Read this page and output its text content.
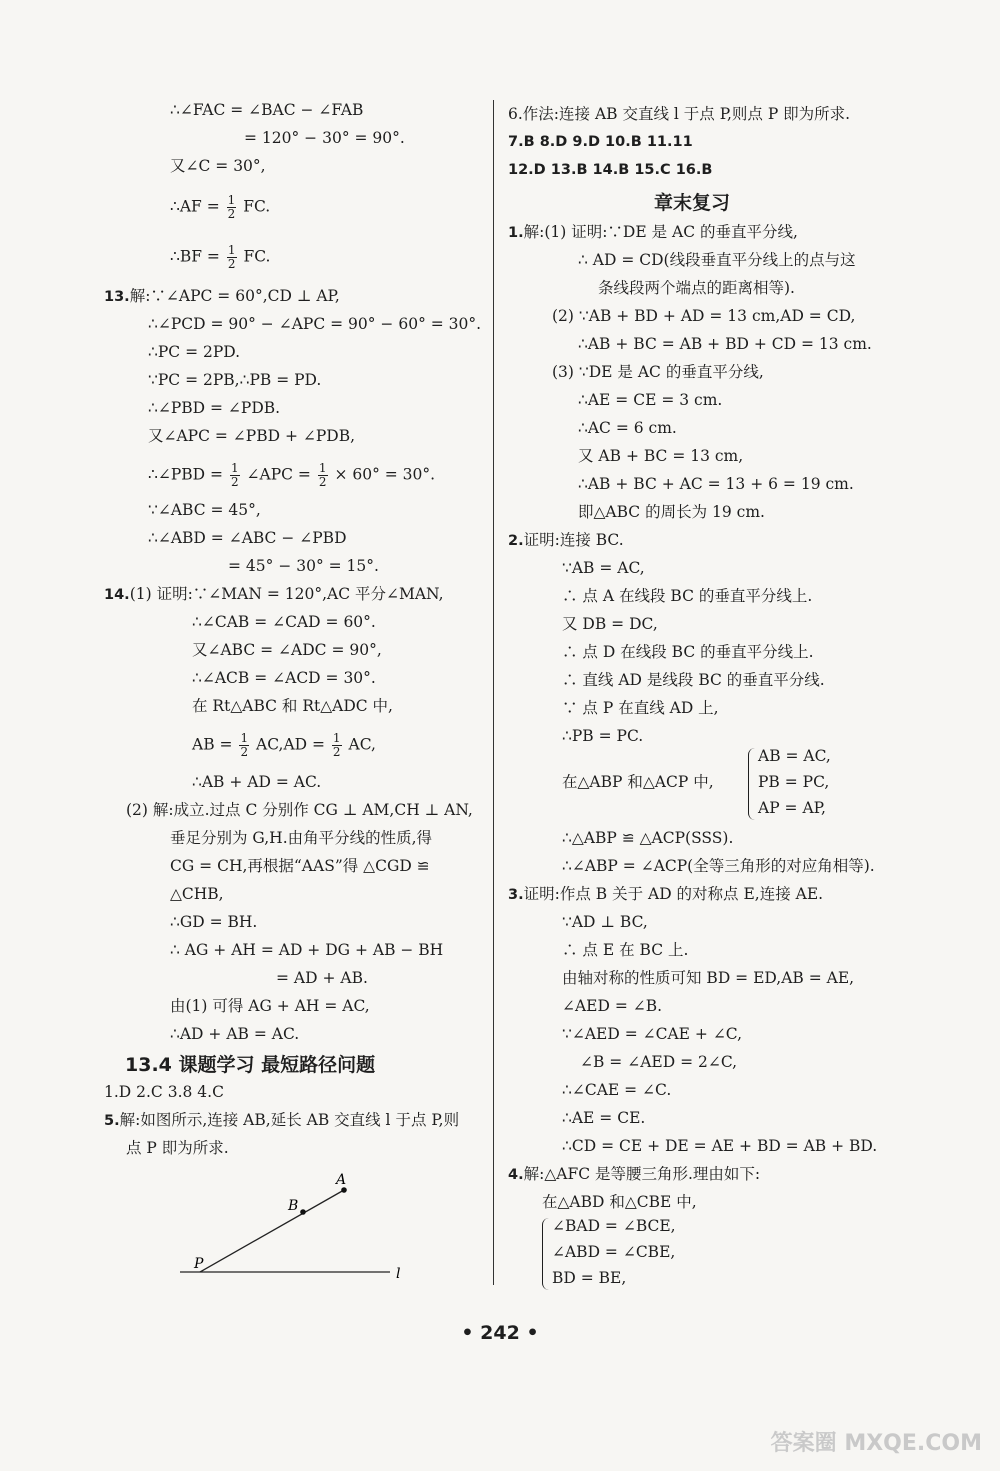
∴∠FAC = ∠BAC − ∠FAB
= 120° − 30° = 90°.
又∠C = 30°,
∴AF = $\frac{1}{2}$ FC.
∴BF = $\frac{1}{2}$ FC.
13.解:∵∠APC = 60°,CD ⊥ AP,
∴∠PCD = 90° − ∠APC = 90° − 60° = 30°.
∴PC = 2PD.
∵PC = 2PB,∴PB = PD.
∴∠PBD = ∠PDB.
又∠APC = ∠PBD + ∠PDB,
∴∠PBD = $\frac{1}{2}$ ∠APC = $\frac{1}{2} \times 60^\circ = 30^\circ$.
∵∠ABC = 45°,
∴∠ABD = ∠ABC − ∠PBD
= 45° − 30° = 15°.
14.(1) 证明:∵∠MAN = 120°,AC 平分∠MAN,
∴∠CAB = ∠CAD = 60°.
又∠ABC = ∠ADC = 90°,
∴∠ACB = ∠ACD = 30°.
在 Rt△ABC 和 Rt△ADC 中,
AB = $\frac{1}{2} AC,AD = \frac{1}{2}$ AC,
∴AB + AD = AC.
(2) 解:成立.过点 C 分别作 CG ⊥ AM,CH ⊥ AN,
垂足分别为 G,H.由角平分线的性质,得
CG = CH,再根据“AAS”得 △CGD ≌
△CHB,
∴GD = BH.
∴ AG + AH = AD + DG + AB − BH
= AD + AB.
由(1) 可得 AG + AH = AC,
∴AD + AB = AC.
13.4 课题学习 最短路径问题
1.D 2.C 3.8 4.C
5.解:如图所示,连接 AB,延长 AB 交直线 l 于点 P,则
点 P 即为所求.
A
B
P
l
6.作法:连接 AB 交直线 l 于点 P,则点 P 即为所求.
7.B 8.D 9.D 10.B 11.11
12.D 13.B 14.B 15.C 16.B
章末复习
1.解:(1) 证明:∵DE 是 AC 的垂直平分线,
∴ AD = CD(线段垂直平分线上的点与这
条线段两个端点的距离相等).
(2) ∵AB + BD + AD = 13 cm,AD = CD,
∴AB + BC = AB + BD + CD = 13 cm.
(3) ∵DE 是 AC 的垂直平分线,
∴AE = CE = 3 cm.
∴AC = 6 cm.
又 AB + BC = 13 cm,
∴AB + BC + AC = 13 + 6 = 19 cm.
即△ABC 的周长为 19 cm.
2.证明:连接 BC.
∵AB = AC,
∴ 点 A 在线段 BC 的垂直平分线上.
又 DB = DC,
∴ 点 D 在线段 BC 的垂直平分线上.
∴ 直线 AD 是线段 BC 的垂直平分线.
∵ 点 P 在直线 AD 上,
∴PB = PC.
在△ABP 和△ACP 中,
AB = AC,
PB = PC,
AP = AP,
∴△ABP ≌ △ACP(SSS).
∴∠ABP = ∠ACP(全等三角形的对应角相等).
3.证明:作点 B 关于 AD 的对称点 E,连接 AE.
∵AD ⊥ BC,
∴ 点 E 在 BC 上.
由轴对称的性质可知 BD = ED,AB = AE,
∠AED = ∠B.
∵∠AED = ∠CAE + ∠C,
∠B = ∠AED = 2∠C,
∴∠CAE = ∠C.
∴AE = CE.
∴CD = CE + DE = AE + BD = AB + BD.
4.解:△AFC 是等腰三角形.理由如下:
在△ABD 和△CBE 中,
∠BAD = ∠BCE,
∠ABD = ∠CBE,
BD = BE,
• 242 •
答案圈 MXQE.COM
